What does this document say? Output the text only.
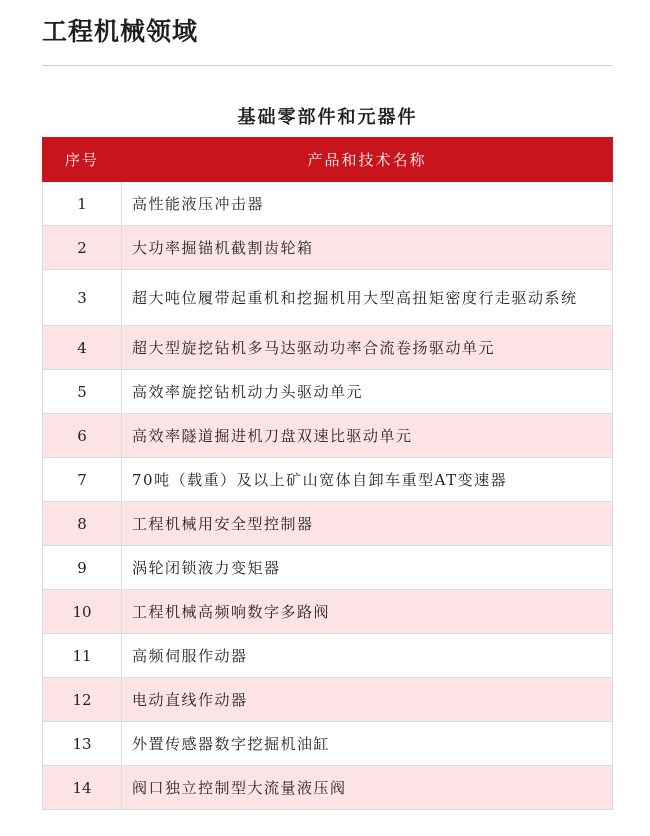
工程机械领域
基础零部件和元器件
序号	产品和技术名称
1	高性能液压冲击器
2	大功率掘锚机截割齿轮箱
3	超大吨位履带起重机和挖掘机用大型高扭矩密度行走驱动系统
4	超大型旋挖钻机多马达驱动功率合流卷扬驱动单元
5	高效率旋挖钻机动力头驱动单元
6	高效率隧道掘进机刀盘双速比驱动单元
7	70吨（载重）及以上矿山宽体自卸车重型AT变速器
8	工程机械用安全型控制器
9	涡轮闭锁液力变矩器
10	工程机械高频响数字多路阀
11	高频伺服作动器
12	电动直线作动器
13	外置传感器数字挖掘机油缸
14	阀口独立控制型大流量液压阀
